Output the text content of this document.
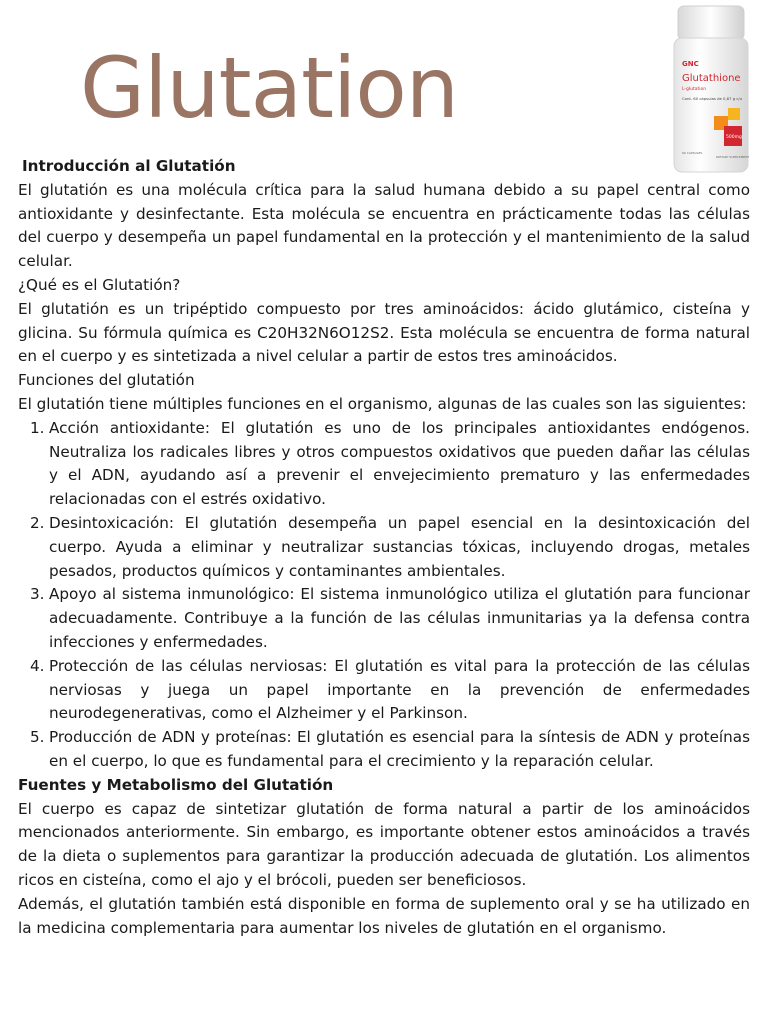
Glutation	GNC
Glutathione
L-glutation
Cont. 60 cápsulas de 0,87 g c/u
500mg
60 CAPSULES
DIETARY SUPPLEMENT

Introducción al Glutatión

El glutatión es una molécula crítica para la salud humana debido a su papel central como antioxidante y desinfectante. Esta molécula se encuentra en prácticamente todas las células del cuerpo y desempeña un papel fundamental en la protección y el mantenimiento de la salud celular.

¿Qué es el Glutatión?

El glutatión es un tripéptido compuesto por tres aminoácidos: ácido glutámico, cisteína y glicina. Su fórmula química es C20H32N6O12S2. Esta molécula se encuentra de forma natural en el cuerpo y es sintetizada a nivel celular a partir de estos tres aminoácidos.

Funciones del glutatión

El glutatión tiene múltiples funciones en el organismo, algunas de las cuales son las siguientes:

1. Acción antioxidante: El glutatión es uno de los principales antioxidantes endógenos. Neutraliza los radicales libres y otros compuestos oxidativos que pueden dañar las células y el ADN, ayudando así a prevenir el envejecimiento prematuro y las enfermedades relacionadas con el estrés oxidativo.
2. Desintoxicación: El glutatión desempeña un papel esencial en la desintoxicación del cuerpo. Ayuda a eliminar y neutralizar sustancias tóxicas, incluyendo drogas, metales pesados, productos químicos y contaminantes ambientales.
3. Apoyo al sistema inmunológico: El sistema inmunológico utiliza el glutatión para funcionar adecuadamente. Contribuye a la función de las células inmunitarias ya la defensa contra infecciones y enfermedades.
4. Protección de las células nerviosas: El glutatión es vital para la protección de las células nerviosas y juega un papel importante en la prevención de enfermedades neurodegenerativas, como el Alzheimer y el Parkinson.
5. Producción de ADN y proteínas: El glutatión es esencial para la síntesis de ADN y proteínas en el cuerpo, lo que es fundamental para el crecimiento y la reparación celular.

Fuentes y Metabolismo del Glutatión

El cuerpo es capaz de sintetizar glutatión de forma natural a partir de los aminoácidos mencionados anteriormente. Sin embargo, es importante obtener estos aminoácidos a través de la dieta o suplementos para garantizar la producción adecuada de glutatión. Los alimentos ricos en cisteína, como el ajo y el brócoli, pueden ser beneficiosos.

Además, el glutatión también está disponible en forma de suplemento oral y se ha utilizado en la medicina complementaria para aumentar los niveles de glutatión en el organismo.
